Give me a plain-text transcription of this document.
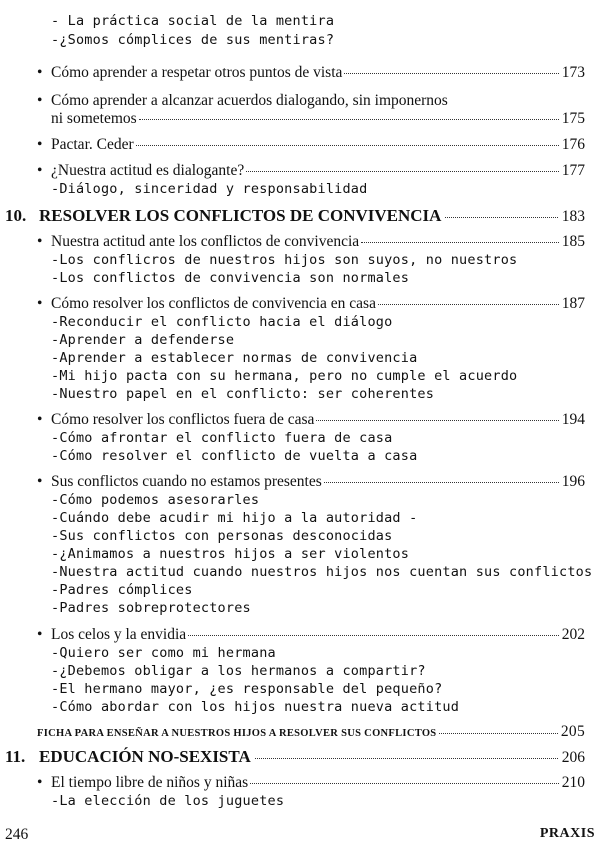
- La práctica social de la mentira
-¿Somos cómplices de sus mentiras?
• Cómo aprender a respetar otros puntos de vista	173
• Cómo aprender a alcanzar acuerdos dialogando, sin imponernos
ni sometemos	175
• Pactar. Ceder	176
• ¿Nuestra actitud es dialogante?	177
-Diálogo, sinceridad y responsabilidad
10. RESOLVER LOS CONFLICTOS DE CONVIVENCIA	183
• Nuestra actitud ante los conflictos de convivencia	185
-Los conflicros de nuestros hijos son suyos, no nuestros
-Los conflictos de convivencia son normales
• Cómo resolver los conflictos de convivencia en casa	187
-Reconducir el conflicto hacia el diálogo
-Aprender a defenderse
-Aprender a establecer normas de convivencia
-Mi hijo pacta con su hermana, pero no cumple el acuerdo
-Nuestro papel en el conflicto: ser coherentes
• Cómo resolver los conflictos fuera de casa	194
-Cómo afrontar el conflicto fuera de casa
-Cómo resolver el conflicto de vuelta a casa
• Sus conflictos cuando no estamos presentes	196
-Cómo podemos asesorarles
-Cuándo debe acudir mi hijo a la autoridad -
-Sus conflictos con personas desconocidas
-¿Animamos a nuestros hijos a ser violentos
-Nuestra actitud cuando nuestros hijos nos cuentan sus conflictos
-Padres cómplices
-Padres sobreprotectores
• Los celos y la envidia	202
-Quiero ser como mi hermana
-¿Debemos obligar a los hermanos a compartir?
-El hermano mayor, ¿es responsable del pequeño?
-Cómo abordar con los hijos nuestra nueva actitud
FICHA PARA ENSEÑAR A NUESTROS HIJOS A RESOLVER SUS CONFLICTOS	205
11. EDUCACIÓN NO-SEXISTA	206
• El tiempo libre de niños y niñas	210
-La elección de los juguetes
246	PRAXIS
